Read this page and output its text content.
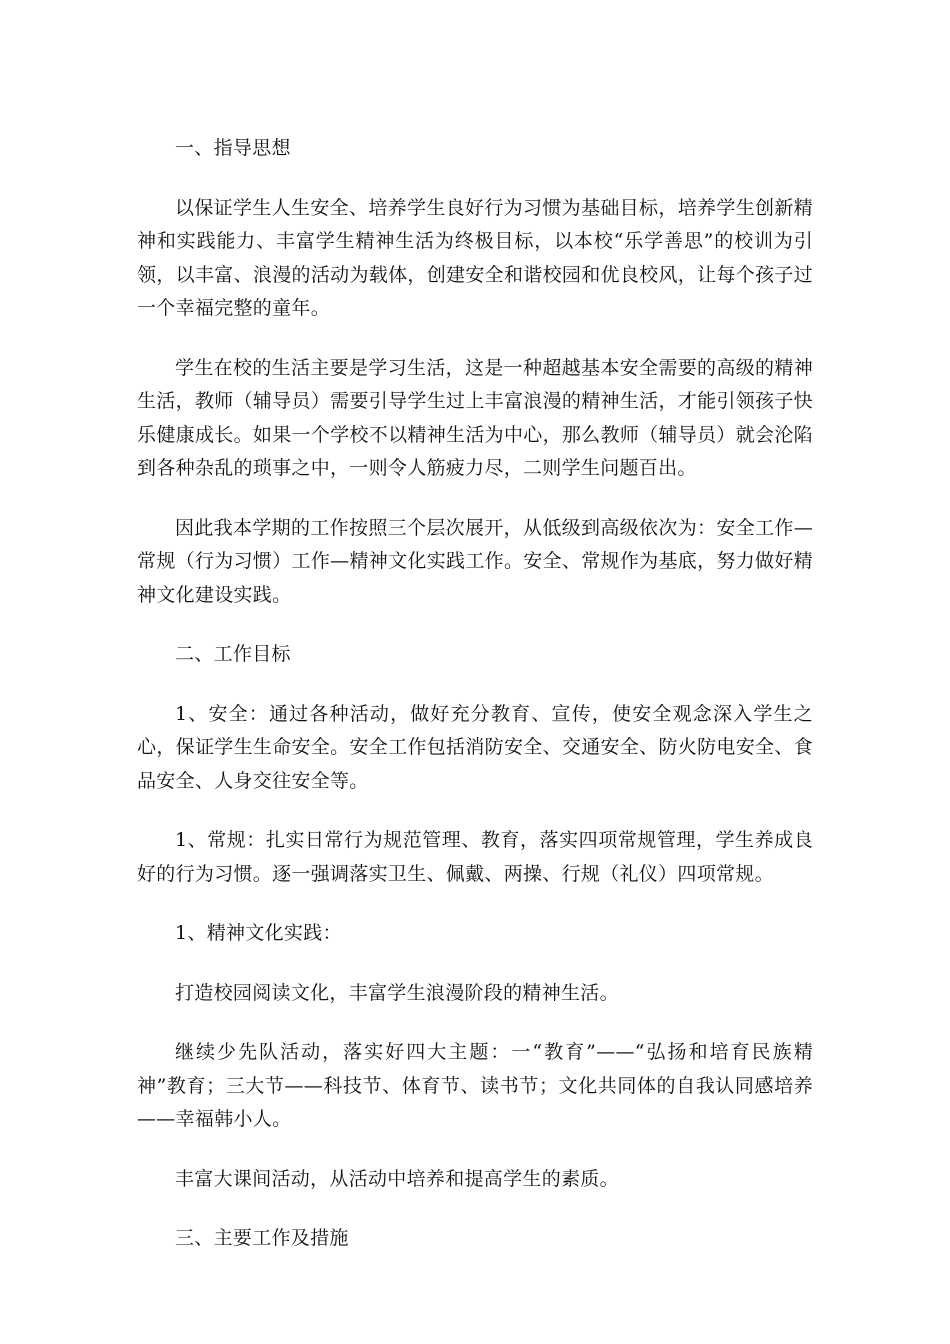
一、指导思想

以保证学生人生安全、培养学生良好行为习惯为基础目标，培养学生创新精神和实践能力、丰富学生精神生活为终极目标，以本校“乐学善思”的校训为引领，以丰富、浪漫的活动为载体，创建安全和谐校园和优良校风，让每个孩子过一个幸福完整的童年。

学生在校的生活主要是学习生活，这是一种超越基本安全需要的高级的精神生活，教师（辅导员）需要引导学生过上丰富浪漫的精神生活，才能引领孩子快乐健康成长。如果一个学校不以精神生活为中心，那么教师（辅导员）就会沦陷到各种杂乱的琐事之中，一则令人筋疲力尽，二则学生问题百出。

因此我本学期的工作按照三个层次展开，从低级到高级依次为：安全工作—常规（行为习惯）工作—精神文化实践工作。安全、常规作为基底，努力做好精神文化建设实践。

二、工作目标

1、安全：通过各种活动，做好充分教育、宣传，使安全观念深入学生之心，保证学生生命安全。安全工作包括消防安全、交通安全、防火防电安全、食品安全、人身交往安全等。

1、常规：扎实日常行为规范管理、教育，落实四项常规管理，学生养成良好的行为习惯。逐一强调落实卫生、佩戴、两操、行规（礼仪）四项常规。

1、精神文化实践：

打造校园阅读文化，丰富学生浪漫阶段的精神生活。

继续少先队活动，落实好四大主题：一“教育”——“弘扬和培育民族精神”教育；三大节——科技节、体育节、读书节；文化共同体的自我认同感培养——幸福韩小人。

丰富大课间活动，从活动中培养和提高学生的素质。

三、主要工作及措施
